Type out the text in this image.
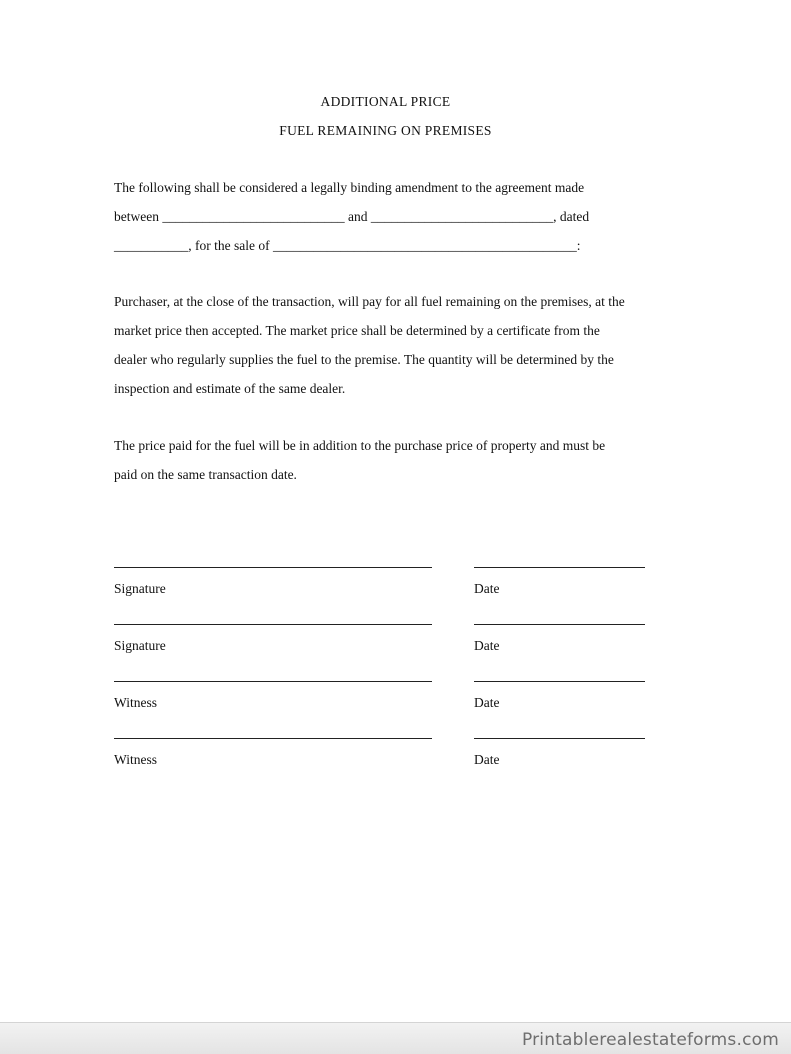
ADDITIONAL PRICE
FUEL REMAINING ON PREMISES
The following shall be considered a legally binding amendment to the agreement made
between ___________________________ and ___________________________, dated
___________, for the sale of _____________________________________________:
Purchaser, at the close of the transaction, will pay for all fuel remaining on the premises, at the
market price then accepted. The market price shall be determined by a certificate from the
dealer who regularly supplies the fuel to the premise. The quantity will be determined by the
inspection and estimate of the same dealer.
The price paid for the fuel will be in addition to the purchase price of property and must be
paid on the same transaction date.
Signature	Date
Signature	Date
Witness	Date
Witness	Date
Printablerealestateforms.com
